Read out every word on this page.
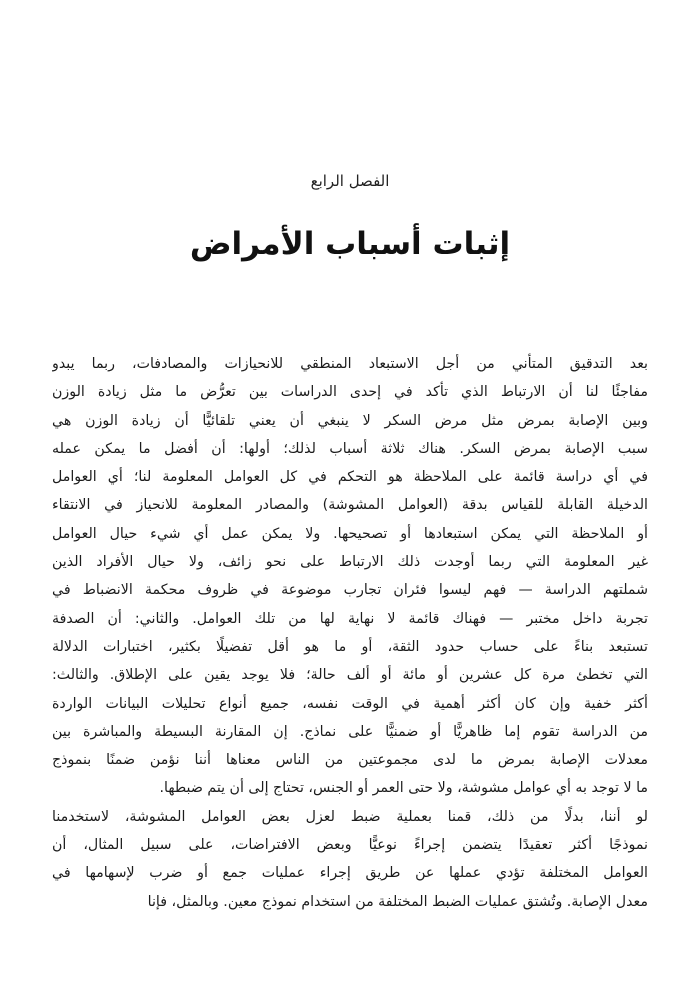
الفصل الرابع
إثبات أسباب الأمراض

بعد التدقيق المتأني من أجل الاستبعاد المنطقي للانحيازات والمصادفات، ربما يبدو
مفاجئًا لنا أن الارتباط الذي تأكد في إحدى الدراسات بين تعرُّض ما مثل زيادة الوزن
وبين الإصابة بمرض مثل مرض السكر لا ينبغي أن يعني تلقائيًّا أن زيادة الوزن هي
سبب الإصابة بمرض السكر. هناك ثلاثة أسباب لذلك؛ أولها: أن أفضل ما يمكن عمله
في أي دراسة قائمة على الملاحظة هو التحكم في كل العوامل المعلومة لنا؛ أي العوامل
الدخيلة القابلة للقياس بدقة (العوامل المشوشة) والمصادر المعلومة للانحياز في الانتقاء
أو الملاحظة التي يمكن استبعادها أو تصحيحها. ولا يمكن عمل أي شيء حيال العوامل
غير المعلومة التي ربما أوجدت ذلك الارتباط على نحو زائف، ولا حيال الأفراد الذين
شملتهم الدراسة — فهم ليسوا فئران تجارب موضوعة في ظروف محكمة الانضباط في
تجربة داخل مختبر — فهناك قائمة لا نهاية لها من تلك العوامل. والثاني: أن الصدفة
تستبعد بناءً على حساب حدود الثقة، أو ما هو أقل تفضيلًا بكثير، اختبارات الدلالة
التي تخطئ مرة كل عشرين أو مائة أو ألف حالة؛ فلا يوجد يقين على الإطلاق. والثالث:
أكثر خفية وإن كان أكثر أهمية في الوقت نفسه، جميع أنواع تحليلات البيانات الواردة
من الدراسة تقوم إما ظاهريًّا أو ضمنيًّا على نماذج. إن المقارنة البسيطة والمباشرة بين
معدلات الإصابة بمرض ما لدى مجموعتين من الناس معناها أننا نؤمن ضمنًا بنموذج
ما لا توجد به أي عوامل مشوشة، ولا حتى العمر أو الجنس، تحتاج إلى أن يتم ضبطها.
لو أننا، بدلًا من ذلك، قمنا بعملية ضبط لعزل بعض العوامل المشوشة، لاستخدمنا
نموذجًا أكثر تعقيدًا يتضمن إجراءً نوعيًّا وبعض الافتراضات، على سبيل المثال، أن
العوامل المختلفة تؤدي عملها عن طريق إجراء عمليات جمع أو ضرب لإسهامها في
معدل الإصابة. وتُشتق عمليات الضبط المختلفة من استخدام نموذج معين. وبالمثل، فإنا
